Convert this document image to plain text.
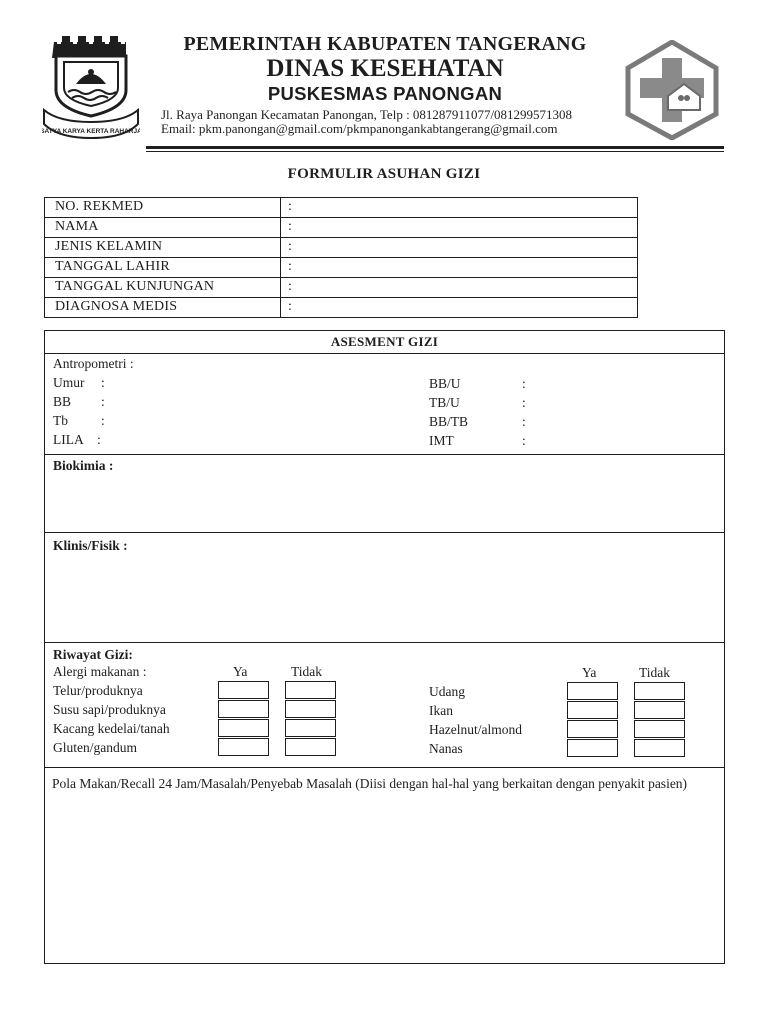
SATYA KARYA KERTA RAHARJA
PEMERINTAH KABUPATEN TANGERANG
DINAS KESEHATAN
PUSKESMAS PANONGAN
Jl. Raya Panongan Kecamatan Panongan, Telp : 081287911077/081299571308
Email: pkm.panongan@gmail.com/pkmpanongankabtangerang@gmail.com
FORMULIR ASUHAN GIZI
NO. REKMED	:
NAMA	:
JENIS KELAMIN	:
TANGGAL LAHIR	:
TANGGAL KUNJUNGAN	:
DIAGNOSA MEDIS	:
ASESMENT GIZI
Antropometri :
Umur :
BB :
Tb :
LILA :
BB/U	:
TB/U	:
BB/TB	:
IMT	:
Biokimia :
Klinis/Fisik :
Riwayat Gizi:
Alergi makanan :	Ya	Tidak	Ya	Tidak
Telur/produknya
Susu sapi/produknya
Kacang kedelai/tanah
Gluten/gandum
Udang
Ikan
Hazelnut/almond
Nanas
Pola Makan/Recall 24 Jam/Masalah/Penyebab Masalah (Diisi dengan hal-hal yang berkaitan dengan penyakit pasien)
